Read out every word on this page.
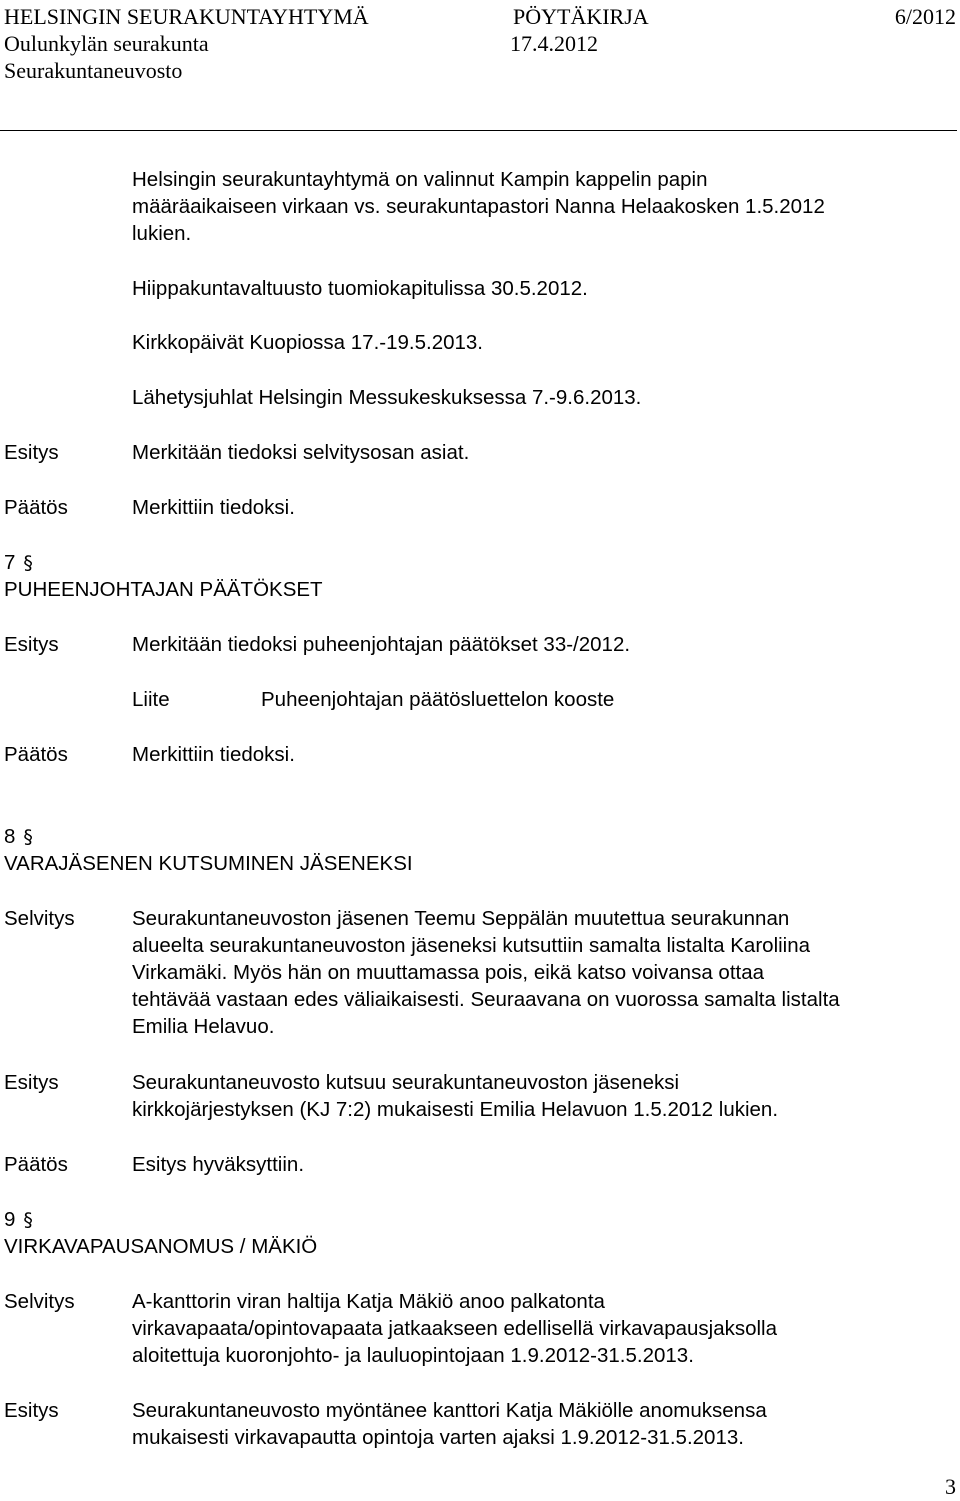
HELSINGIN SEURAKUNTAYHTYMÄ	PÖYTÄKIRJA	6/2012
Oulunkylän seurakunta	17.4.2012
Seurakuntaneuvosto
Helsingin seurakuntayhtymä on valinnut Kampin kappelin papin
määräaikaiseen virkaan vs. seurakuntapastori Nanna Helaakosken 1.5.2012
lukien.
Hiippakuntavaltuusto tuomiokapitulissa 30.5.2012.
Kirkkopäivät Kuopiossa 17.-19.5.2013.
Lähetysjuhlat Helsingin Messukeskuksessa 7.-9.6.2013.
Esitys	Merkitään tiedoksi selvitysosan asiat.
Päätös	Merkittiin tiedoksi.
7 §
PUHEENJOHTAJAN PÄÄTÖKSET
Esitys	Merkitään tiedoksi puheenjohtajan päätökset 33-/2012.
Liite	Puheenjohtajan päätösluettelon kooste
Päätös	Merkittiin tiedoksi.
8 §
VARAJÄSENEN KUTSUMINEN JÄSENEKSI
Selvitys	Seurakuntaneuvoston jäsenen Teemu Seppälän muutettua seurakunnan
alueelta seurakuntaneuvoston jäseneksi kutsuttiin samalta listalta Karoliina
Virkamäki. Myös hän on muuttamassa pois, eikä katso voivansa ottaa
tehtävää vastaan edes väliaikaisesti. Seuraavana on vuorossa samalta listalta
Emilia Helavuo.
Esitys	Seurakuntaneuvosto kutsuu seurakuntaneuvoston jäseneksi
kirkkojärjestyksen (KJ 7:2) mukaisesti Emilia Helavuon 1.5.2012 lukien.
Päätös	Esitys hyväksyttiin.
9 §
VIRKAVAPAUSANOMUS / MÄKIÖ
Selvitys	A-kanttorin viran haltija Katja Mäkiö anoo palkatonta
virkavapaata/opintovapaata jatkaakseen edellisellä virkavapausjaksolla
aloitettuja kuoronjohto- ja lauluopintojaan 1.9.2012-31.5.2013.
Esitys	Seurakuntaneuvosto myöntänee kanttori Katja Mäkiölle anomuksensa
mukaisesti virkavapautta opintoja varten ajaksi 1.9.2012-31.5.2013.
3
